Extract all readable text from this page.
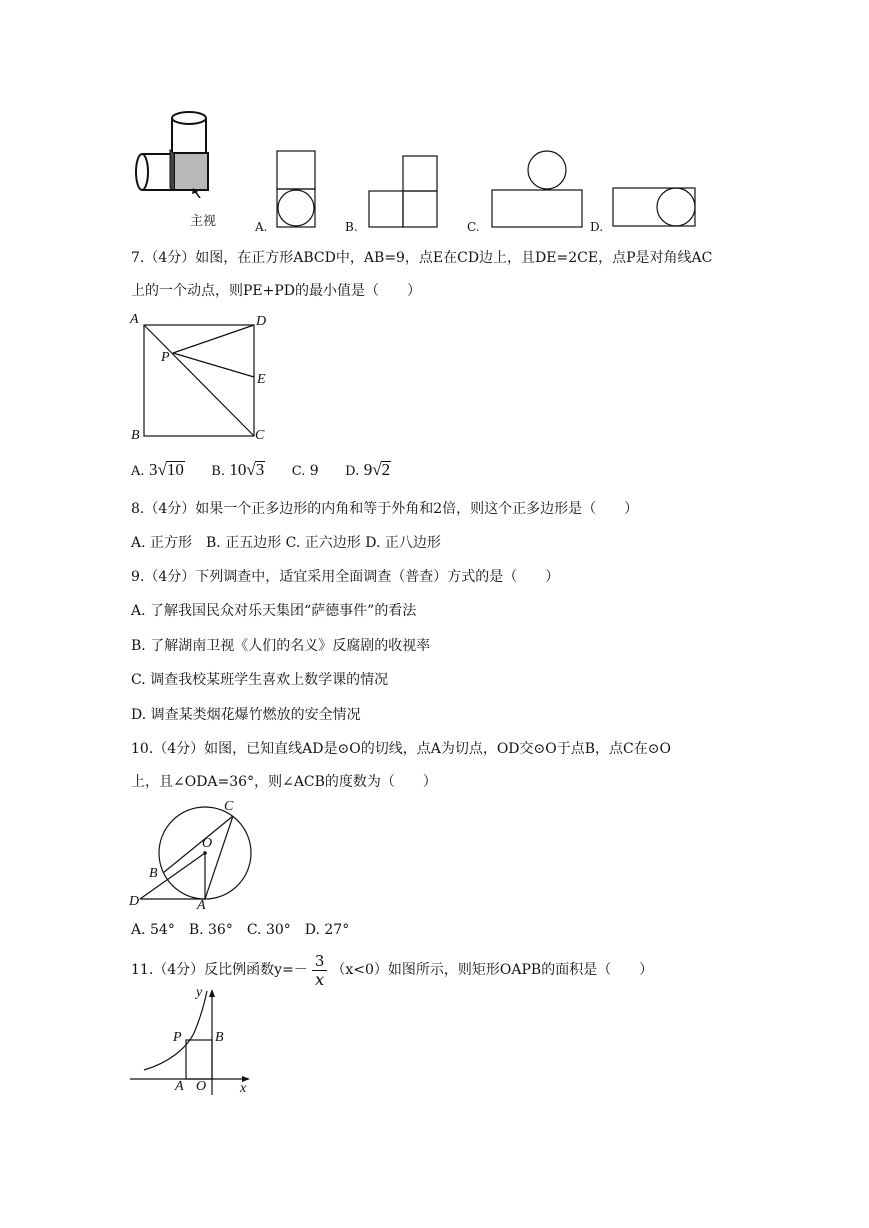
主视	A.	B.	C.	D.
7.（4分）如图，在正方形ABCD中，AB=9，点E在CD边上，且DE=2CE，点P是对角线AC
上的一个动点，则PE+PD的最小值是（　　）
A	D
P
E
B	C
A. 3√10 B. 10√3 C. 9 D. 9√2
8.（4分）如果一个正多边形的内角和等于外角和2倍，则这个正多边形是（　　）
A. 正方形　B. 正五边形 C. 正六边形 D. 正八边形
9.（4分）下列调查中，适宜采用全面调查（普查）方式的是（　　）
A. 了解我国民众对乐天集团“萨德事件”的看法
B. 了解湖南卫视《人们的名义》反腐剧的收视率
C. 调查我校某班学生喜欢上数学课的情况
D. 调查某类烟花爆竹燃放的安全情况
10.（4分）如图，已知直线AD是⊙O的切线，点A为切点，OD交⊙O于点B，点C在⊙O
上，且∠ODA=36°，则∠ACB的度数为（　　）
C
O
B
D	A
A. 54°　B. 36°　C. 30°　D. 27°
11.（4分）反比例函数$y=- \frac{3}{x} (x<0)$如图所示，则矩形OAPB的面积是（　　）
y
x
P B
A O
